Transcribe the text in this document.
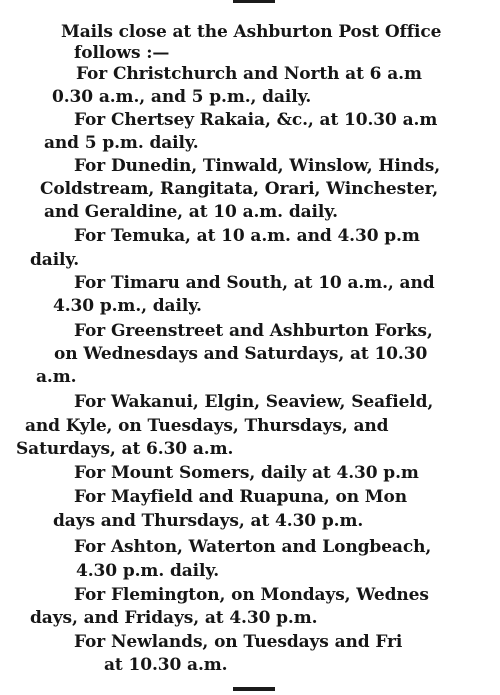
Mails close at the Ashburton Post Office
follows :—
For Christchurch and North at 6 a.m
0.30 a.m., and 5 p.m., daily.
For Chertsey Rakaia, &c., at 10.30 a.m
and 5 p.m. daily.
For Dunedin, Tinwald, Winslow, Hinds,
Coldstream, Rangitata, Orari, Winchester,
and Geraldine, at 10 a.m. daily.
For Temuka, at 10 a.m. and 4.30 p.m
daily.
For Timaru and South, at 10 a.m., and
4.30 p.m., daily.
For Greenstreet and Ashburton Forks,
on Wednesdays and Saturdays, at 10.30
a.m.
For Wakanui, Elgin, Seaview, Seafield,
and Kyle, on Tuesdays, Thursdays, and
Saturdays, at 6.30 a.m.
For Mount Somers, daily at 4.30 p.m
For Mayfield and Ruapuna, on Mon
days and Thursdays, at 4.30 p.m.
For Ashton, Waterton and Longbeach,
4.30 p.m. daily.
For Flemington, on Mondays, Wednes
days, and Fridays, at 4.30 p.m.
For Newlands, on Tuesdays and Fri
at 10.30 a.m.
